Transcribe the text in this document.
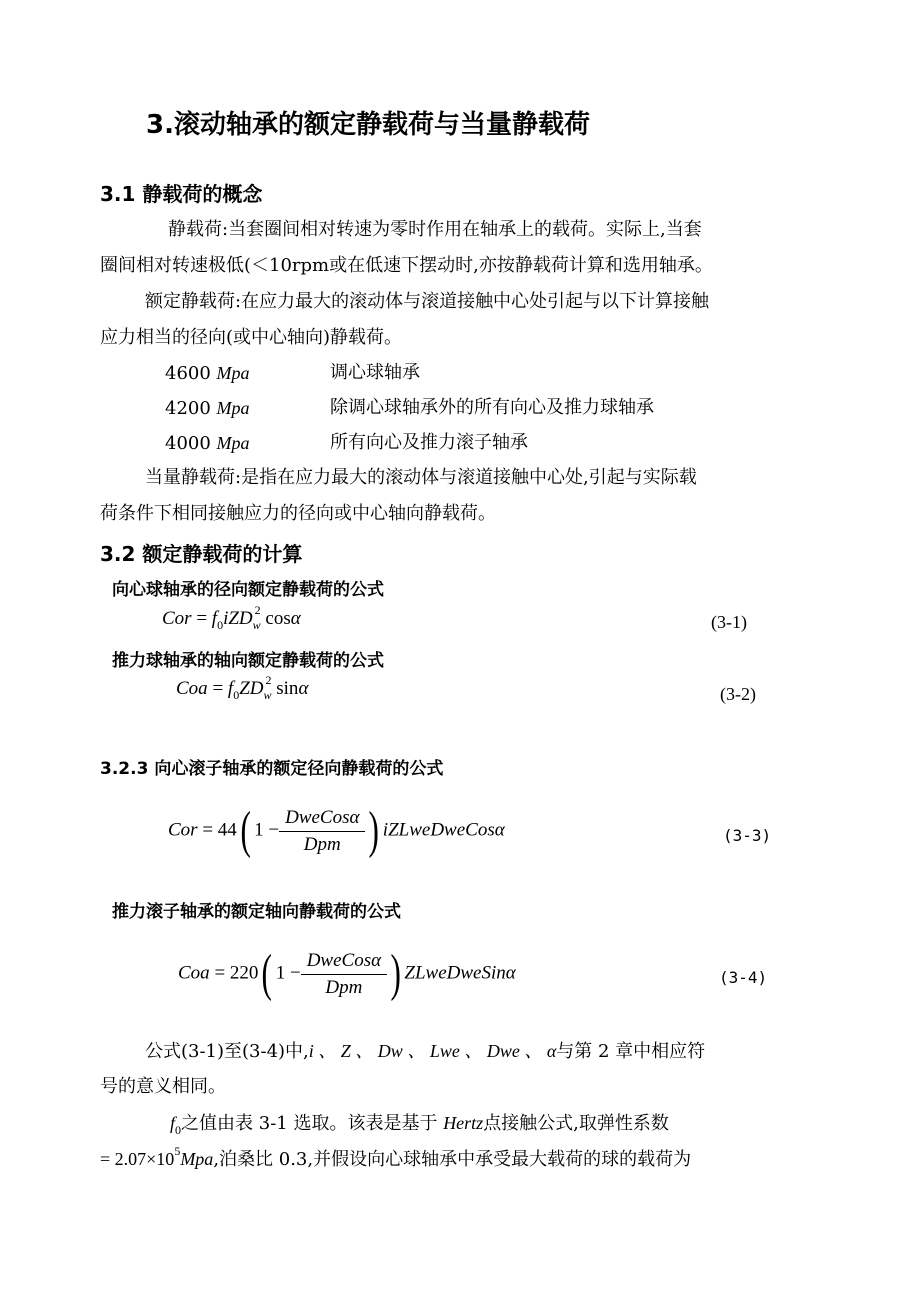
3.滚动轴承的额定静载荷与当量静载荷
3.1 静载荷的概念
静载荷:当套圈间相对转速为零时作用在轴承上的载荷。实际上,当套
圈间相对转速极低(＜10rpm或在低速下摆动时,亦按静载荷计算和选用轴承。
额定静载荷:在应力最大的滚动体与滚道接触中心处引起与以下计算接触
应力相当的径向(或中心轴向)静载荷。
4600 Mpa	调心球轴承
4200 Mpa	除调心球轴承外的所有向心及推力球轴承
4000 Mpa	所有向心及推力滚子轴承
当量静载荷:是指在应力最大的滚动体与滚道接触中心处,引起与实际载
荷条件下相同接触应力的径向或中心轴向静载荷。
3.2 额定静载荷的计算
向心球轴承的径向额定静载荷的公式
Cor = $f_0iZD_w^2$ cosα	(3-1)
推力球轴承的轴向额定静载荷的公式
Coa = $f_0ZD_w^2$ sinα	(3-2)
3.2.3 向心滚子轴承的额定径向静载荷的公式
Cor = 44( $1 - \frac{\text{DweCosα}}{\text{Dpm}}$ ) iZLweDweCosα	(3-3)
推力滚子轴承的额定轴向静载荷的公式
Coa = 220( $1 - \frac{\text{DweCosα}}{\text{Dpm}}$ ) ZLweDweSinα	(3-4)
公式(3-1)至(3-4)中,i 、 Z 、 Dw 、 Lwe 、 Dwe 、 α与第 2 章中相应符
号的意义相同。
$f_0$之值由表 3-1 选取。该表是基于 Hertz点接触公式,取弹性系数
= $2.07\times 10^5Mpa$,泊桑比 0.3,并假设向心球轴承中承受最大载荷的球的载荷为
